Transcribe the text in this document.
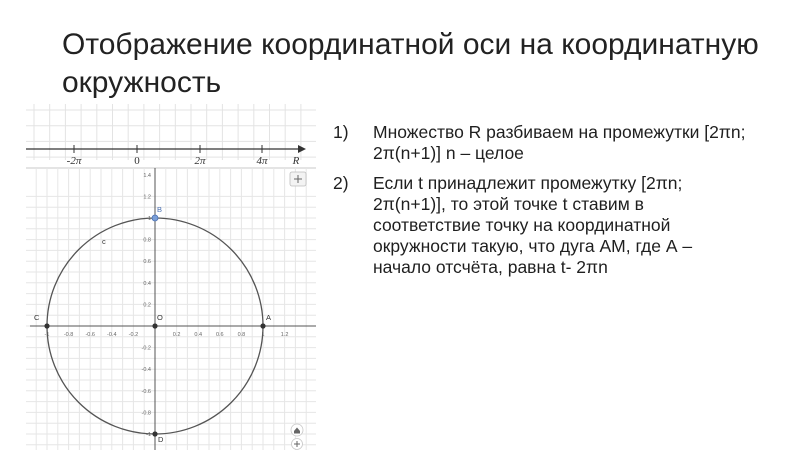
Отображение координатной оси на координатную окружность
-2π	0	2π	4π R
-1	-0.8 -0.6 -0.4 -0.2	0.2	0.4	0.6	0.8	1	1.2
1.4
1.2
1
0.8
0.6
0.4
0.2
-0.2
-0.4
-0.6
-0.8
-1
A
B
C
D
O
c
1) Множество R разбиваем на промежутки [2πn; 2π(n+1)] n – целое
2) Если t принадлежит промежутку [2πn; 2π(n+1)], то этой точке t ставим в соответствие точку на координатной окружности такую, что дуга АМ, где А – начало отсчёта, равна t- 2πn
